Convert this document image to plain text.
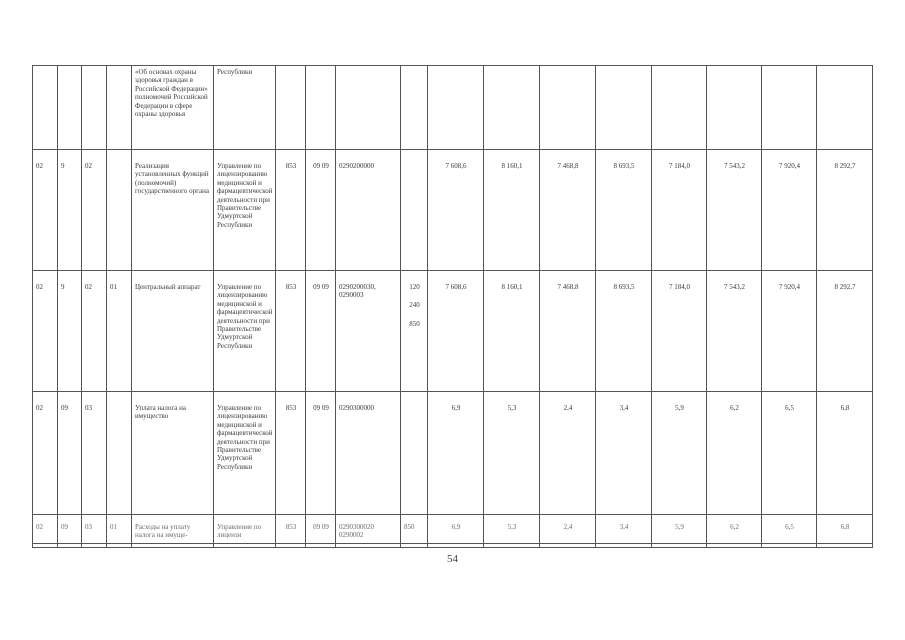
				«Об основах охраны здоровья граждан в Российской Федерации» полномочий Российской Федерации в сфере охраны здоровья	Республики												
02	9	02		Реализация установленных функций (полномочий) государственного органа	Управление по лицензированию медицинской и фармацевтической деятельности при Правительстве Удмуртской Республики	853	09 09	0290200000		7 608,6	8 160,1	7 468,8	8 693,5	7 184,0	7 543,2	7 920,4	8 292,7
02	9	02	01	Центральный аппарат	Управление по лицензированию медицинской и фармацевтической деятельности при Правительстве Удмуртской Республики	853	09 09	0290200030, 0290003	120
240
850	7 608,6	8 160,1	7 468,8	8 693,5	7 184,0	7 543,2	7 920,4	8 292,7
02	09	03		Уплата налога на имущество	Управление по лицензированию медицинской и фармацевтической деятельности при Правительстве Удмуртской Республики	853	09 09	0290300000		6,9	5,3	2,4	3,4	5,9	6,2	6,5	6,8
02	09	03	01	Расходы на уплату налога на имуще-	Управление по лицензи	853	09 09	0290300020 0290002	850	6,9	5,3	2,4	3,4	5,9	6,2	6,5	6,8
54
